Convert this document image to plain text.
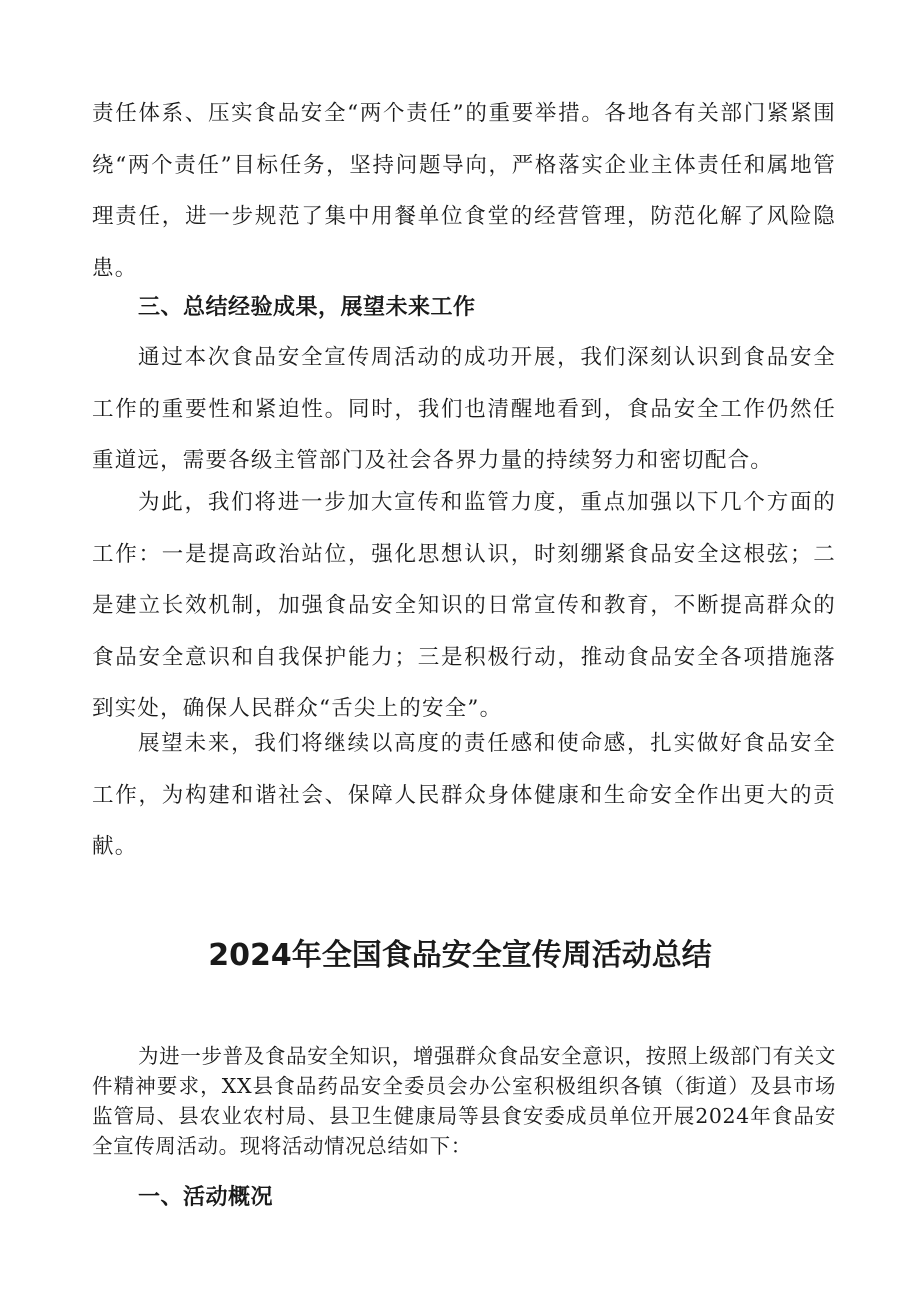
责任体系、压实食品安全“两个责任”的重要举措。各地各有关部门紧紧围绕“两个责任”目标任务，坚持问题导向，严格落实企业主体责任和属地管理责任，进一步规范了集中用餐单位食堂的经营管理，防范化解了风险隐患。

三、总结经验成果，展望未来工作

通过本次食品安全宣传周活动的成功开展，我们深刻认识到食品安全工作的重要性和紧迫性。同时，我们也清醒地看到，食品安全工作仍然任重道远，需要各级主管部门及社会各界力量的持续努力和密切配合。

为此，我们将进一步加大宣传和监管力度，重点加强以下几个方面的工作：一是提高政治站位，强化思想认识，时刻绷紧食品安全这根弦；二是建立长效机制，加强食品安全知识的日常宣传和教育，不断提高群众的食品安全意识和自我保护能力；三是积极行动，推动食品安全各项措施落到实处，确保人民群众“舌尖上的安全”。

展望未来，我们将继续以高度的责任感和使命感，扎实做好食品安全工作，为构建和谐社会、保障人民群众身体健康和生命安全作出更大的贡献。

2024年全国食品安全宣传周活动总结

为进一步普及食品安全知识，增强群众食品安全意识，按照上级部门有关文件精神要求，XX县食品药品安全委员会办公室积极组织各镇（街道）及县市场监管局、县农业农村局、县卫生健康局等县食安委成员单位开展2024年食品安全宣传周活动。现将活动情况总结如下：

一、活动概况
